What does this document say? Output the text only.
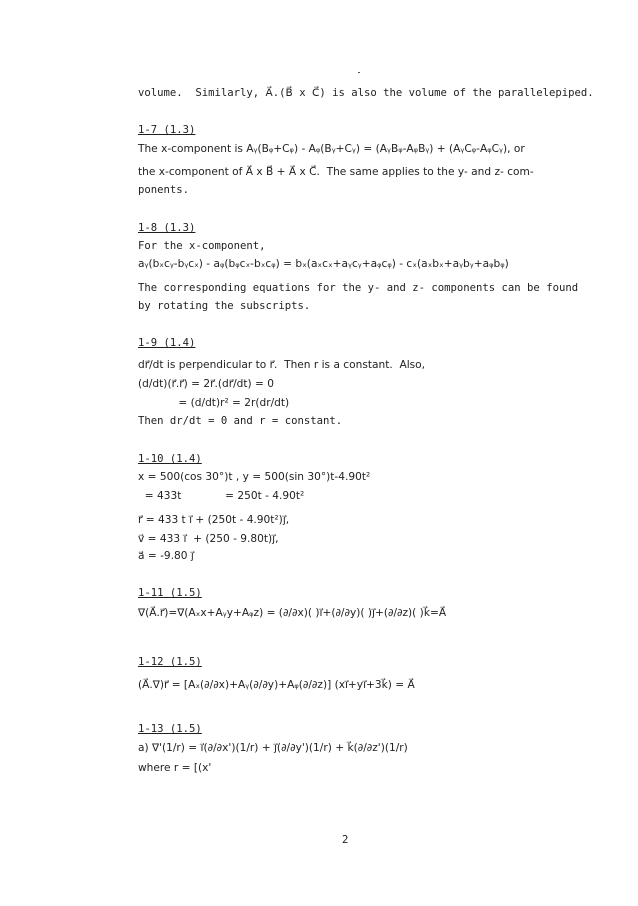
volume.  Similarly, A⃗.(B⃗ x C⃗) is also the volume of the parallelepiped.
1-7 (1.3)
The x-component is Aᵧ(Bᵩ+Cᵩ) - Aᵩ(Bᵧ+Cᵧ) = (AᵧBᵩ-AᵩBᵧ) + (AᵧCᵩ-AᵩCᵧ), or
the x-component of A⃗ x B⃗ + A⃗ x C⃗.  The same applies to the y- and z- com-
ponents.
1-8 (1.3)
For the x-component,
aᵧ(bₓcᵧ-bᵧcₓ) - aᵩ(bᵩcₓ-bₓcᵩ) = bₓ(aₓcₓ+aᵧcᵧ+aᵩcᵩ) - cₓ(aₓbₓ+aᵧbᵧ+aᵩbᵩ)
The corresponding equations for the y- and z- components can be found
by rotating the subscripts.
1-9 (1.4)
dr⃗/dt is perpendicular to r⃗.  Then r is a constant.  Also,
(d/dt)(r⃗.r⃗) = 2r⃗.(dr⃗/dt) = 0
= (d/dt)r² = 2r(dr/dt)
Then dr/dt = 0 and r = constant.
1-10 (1.4)
x = 500(cos 30°)t , y = 500(sin 30°)t-4.90t²
= 433t             = 250t - 4.90t²
r⃗ = 433 t i⃗ + (250t - 4.90t²)j⃗,
v⃗ = 433 i⃗  + (250 - 9.80t)j⃗,
a⃗ = -9.80 j⃗
1-11 (1.5)
∇(A⃗.r⃗)=∇(Aₓx+Aᵧy+Aᵩz) = (∂/∂x)( )i⃗+(∂/∂y)( )j⃗+(∂/∂z)( )k⃗=A⃗
1-12 (1.5)
(A⃗.∇)r⃗ = [Aₓ(∂/∂x)+Aᵧ(∂/∂y)+Aᵩ(∂/∂z)] (xi⃗+yi⃗+3k⃗) = A⃗
1-13 (1.5)
a) ∇'(1/r) = i⃗(∂/∂x')(1/r) + j⃗(∂/∂y')(1/r) + k⃗(∂/∂z')(1/r)
where r = [(x'
2
